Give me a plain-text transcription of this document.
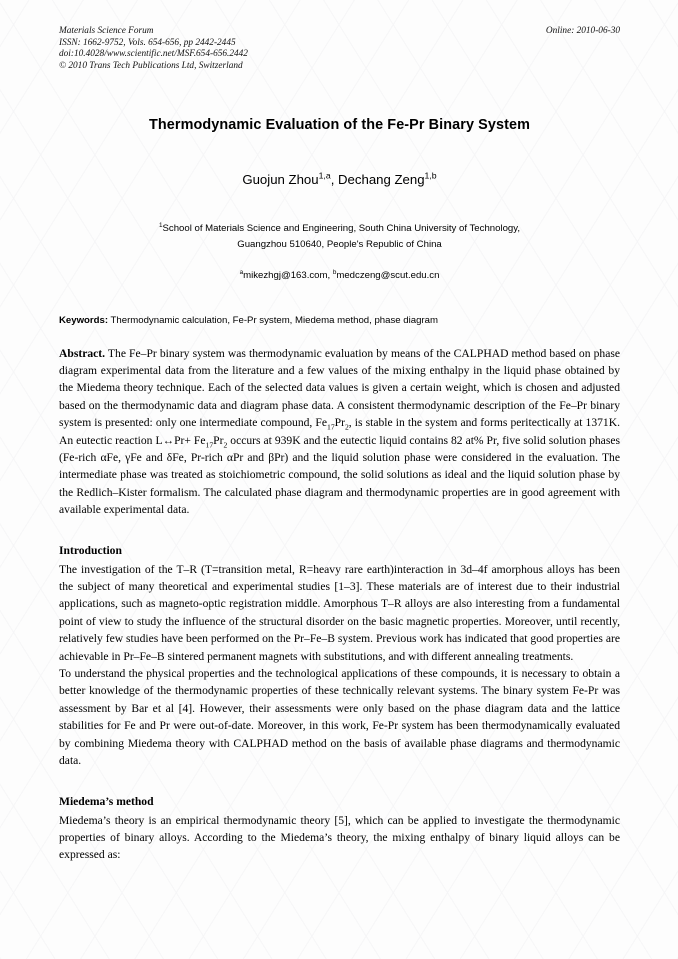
Materials Science Forum
ISSN: 1662-9752, Vols. 654-656, pp 2442-2445
doi:10.4028/www.scientific.net/MSF.654-656.2442
© 2010 Trans Tech Publications Ltd, Switzerland
Online: 2010-06-30
Thermodynamic Evaluation of the Fe-Pr Binary System
Guojun Zhou$^{1,a}$, Dechang Zeng$^{1,b}$
$^1$School of Materials Science and Engineering, South China University of Technology,
Guangzhou 510640, People's Republic of China
$^a$mikezhgj@163.com, $^b$medczeng@scut.edu.cn
Keywords: Thermodynamic calculation, Fe-Pr system, Miedema method, phase diagram
Abstract. The Fe–Pr binary system was thermodynamic evaluation by means of the CALPHAD method based on phase diagram experimental data from the literature and a few values of the mixing enthalpy in the liquid phase obtained by the Miedema theory technique. Each of the selected data values is given a certain weight, which is chosen and adjusted based on the thermodynamic data and diagram phase data. A consistent thermodynamic description of the Fe–Pr binary system is presented: only one intermediate compound, $Fe_{17}Pr_2$, is stable in the system and forms peritectically at 1371K. An eutectic reaction L↔Pr+ $Fe_{17}Pr_2$ occurs at 939K and the eutectic liquid contains 82 at% Pr, five solid solution phases (Fe-rich αFe, γFe and δFe, Pr-rich αPr and βPr) and the liquid solution phase were considered in the evaluation. The intermediate phase was treated as stoichiometric compound, the solid solutions as ideal and the liquid solution phase by the Redlich–Kister formalism. The calculated phase diagram and thermodynamic properties are in good agreement with available experimental data.
Introduction

The investigation of the T–R (T=transition metal, R=heavy rare earth)interaction in 3d–4f amorphous alloys has been the subject of many theoretical and experimental studies [1–3]. These materials are of interest due to their industrial applications, such as magneto-optic registration middle. Amorphous T–R alloys are also interesting from a fundamental point of view to study the influence of the structural disorder on the basic magnetic properties. Moreover, until recently, relatively few studies have been performed on the Pr–Fe–B system. Previous work has indicated that good properties are achievable in Pr–Fe–B sintered permanent magnets with substitutions, and with different annealing treatments.

To understand the physical properties and the technological applications of these compounds, it is necessary to obtain a better knowledge of the thermodynamic properties of these technically relevant systems. The binary system Fe-Pr was assessment by Bar et al [4]. However, their assessments were only based on the phase diagram data and the lattice stabilities for Fe and Pr were out-of-date. Moreover, in this work, Fe-Pr system has been thermodynamically evaluated by combining Miedema theory with CALPHAD method on the basis of available phase diagrams and thermodynamic data.

Miedema’s method

Miedema’s theory is an empirical thermodynamic theory [5], which can be applied to investigate the thermodynamic properties of binary alloys. According to the Miedema’s theory, the mixing enthalpy of binary liquid alloys can be expressed as:
